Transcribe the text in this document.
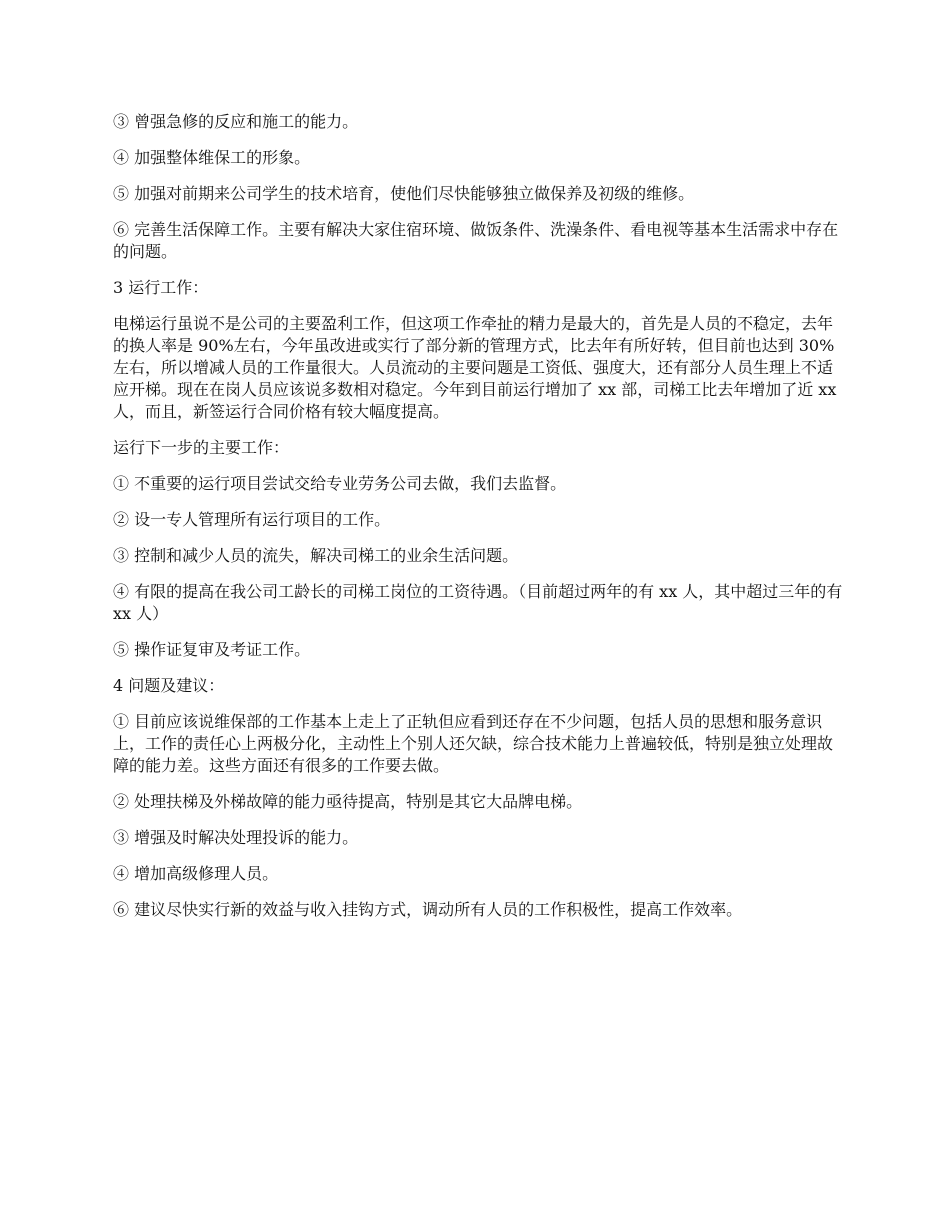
③ 曾强急修的反应和施工的能力。

④ 加强整体维保工的形象。

⑤ 加强对前期来公司学生的技术培育，使他们尽快能够独立做保养及初级的维修。

⑥ 完善生活保障工作。主要有解决大家住宿环境、做饭条件、洗澡条件、看电视等基本生活需求中存在的问题。

3 运行工作：

电梯运行虽说不是公司的主要盈利工作，但这项工作牵扯的精力是最大的，首先是人员的不稳定，去年的换人率是 90%左右，今年虽改进或实行了部分新的管理方式，比去年有所好转，但目前也达到 30%左右，所以增减人员的工作量很大。人员流动的主要问题是工资低、强度大，还有部分人员生理上不适应开梯。现在在岗人员应该说多数相对稳定。今年到目前运行增加了 xx 部，司梯工比去年增加了近 xx 人，而且，新签运行合同价格有较大幅度提高。

运行下一步的主要工作：

① 不重要的运行项目尝试交给专业劳务公司去做，我们去监督。

② 设一专人管理所有运行项目的工作。

③ 控制和减少人员的流失，解决司梯工的业余生活问题。

④ 有限的提高在我公司工龄长的司梯工岗位的工资待遇。（目前超过两年的有 xx 人，其中超过三年的有 xx 人）

⑤ 操作证复审及考证工作。

4 问题及建议：

① 目前应该说维保部的工作基本上走上了正轨但应看到还存在不少问题，包括人员的思想和服务意识上，工作的责任心上两极分化，主动性上个别人还欠缺，综合技术能力上普遍较低，特别是独立处理故障的能力差。这些方面还有很多的工作要去做。

② 处理扶梯及外梯故障的能力亟待提高，特别是其它大品牌电梯。

③ 增强及时解决处理投诉的能力。

④ 增加高级修理人员。

⑥ 建议尽快实行新的效益与收入挂钩方式，调动所有人员的工作积极性，提高工作效率。
